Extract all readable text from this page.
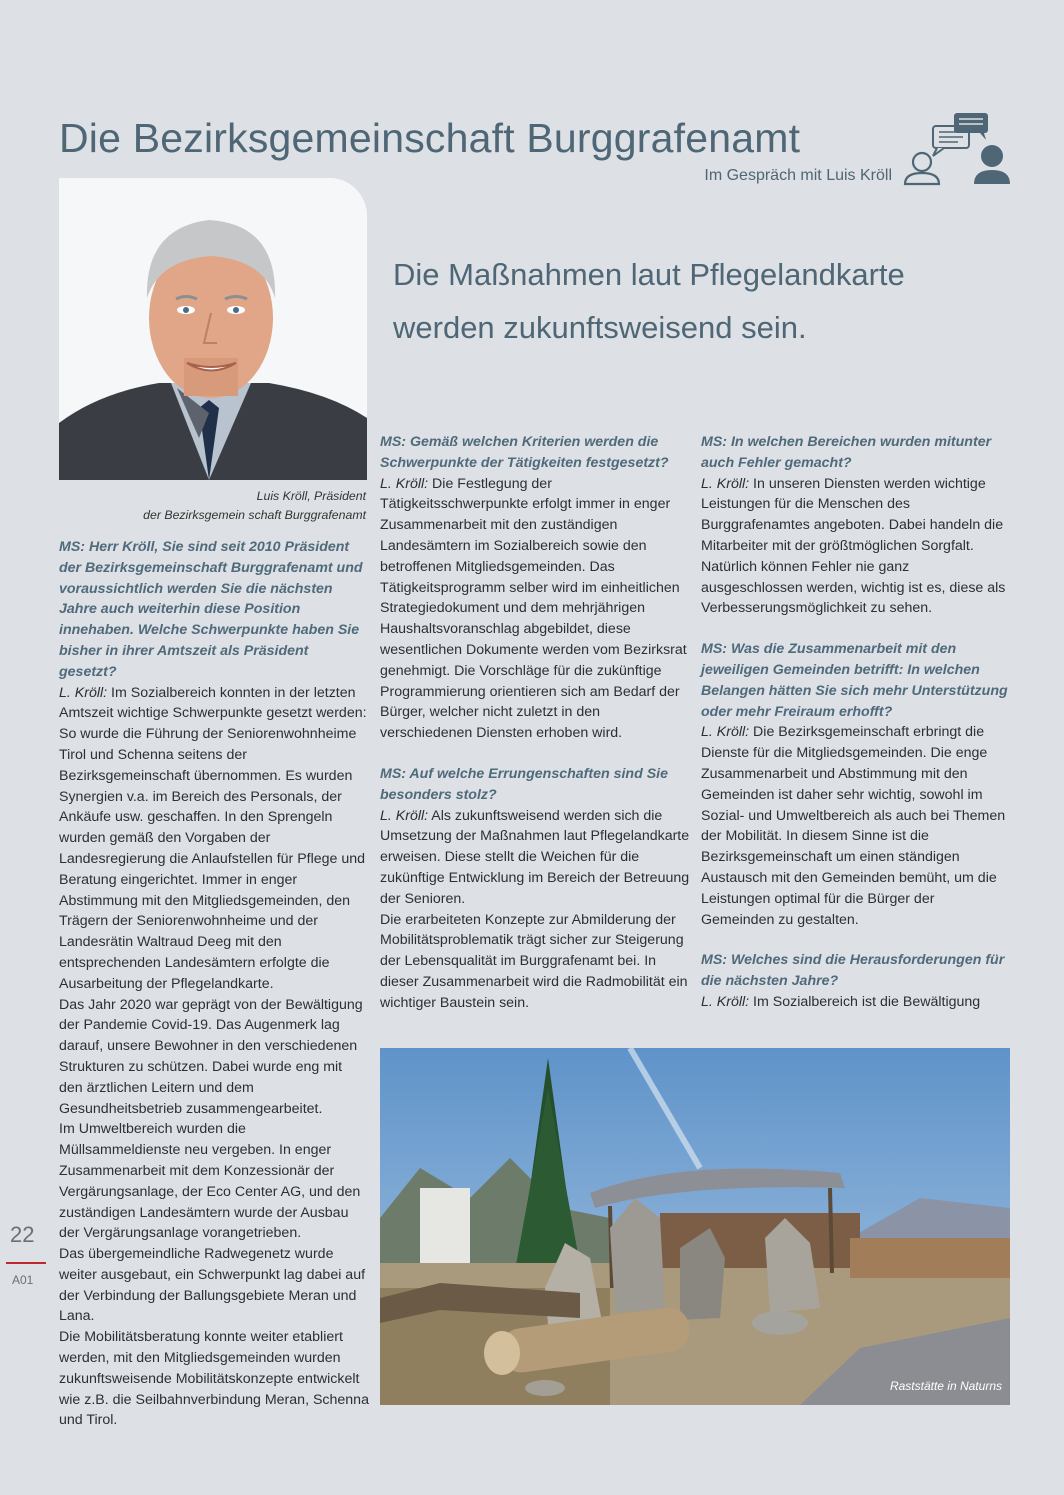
Die Bezirksgemeinschaft Burggrafenamt
Im Gespräch mit Luis Kröll
Luis Kröll, Präsident
der Bezirksgemein schaft Burggrafenamt
Die Maßnahmen laut Pflegelandkarte werden zukunftsweisend sein.

MS: Herr Kröll, Sie sind seit 2010 Präsident der Bezirksgemeinschaft Burggrafenamt und voraussichtlich werden Sie die nächsten Jahre auch weiterhin diese Position innehaben. Welche Schwerpunkte haben Sie bisher in ihrer Amtszeit als Präsident gesetzt?

L. Kröll: Im Sozialbereich konnten in der letzten Amtszeit wichtige Schwerpunkte gesetzt werden: So wurde die Führung der Seniorenwohnheime Tirol und Schenna seitens der Bezirksgemeinschaft übernommen. Es wurden Synergien v.a. im Bereich des Personals, der Ankäufe usw. geschaffen. In den Sprengeln wurden gemäß den Vorgaben der Landesregierung die Anlaufstellen für Pflege und Beratung eingerichtet. Immer in enger Abstimmung mit den Mitgliedsgemeinden, den Trägern der Seniorenwohnheime und der Landesrätin Waltraud Deeg mit den entsprechenden Landesämtern erfolgte die Ausarbeitung der Pflegelandkarte.

Das Jahr 2020 war geprägt von der Bewältigung der Pandemie Covid-19. Das Augenmerk lag darauf, unsere Bewohner in den verschiedenen Strukturen zu schützen. Dabei wurde eng mit den ärztlichen Leitern und dem Gesundheitsbetrieb zusammengearbeitet.

Im Umweltbereich wurden die Müllsammeldienste neu vergeben. In enger Zusammenarbeit mit dem Konzessionär der Vergärungsanlage, der Eco Center AG, und den zuständigen Landesämtern wurde der Ausbau der Vergärungsanlage vorangetrieben.

Das übergemeindliche Radwegenetz wurde weiter ausgebaut, ein Schwerpunkt lag dabei auf der Verbindung der Ballungsgebiete Meran und Lana.

Die Mobilitätsberatung konnte weiter etabliert werden, mit den Mitgliedsgemeinden wurden zukunftsweisende Mobilitätskonzepte entwickelt wie z.B. die Seilbahnverbindung Meran, Schenna und Tirol.

MS: Gemäß welchen Kriterien werden die Schwerpunkte der Tätigkeiten festgesetzt?

L. Kröll: Die Festlegung der Tätigkeitsschwerpunkte erfolgt immer in enger Zusammenarbeit mit den zuständigen Landesämtern im Sozialbereich sowie den betroffenen Mitgliedsgemeinden. Das Tätigkeitsprogramm selber wird im einheitlichen Strategiedokument und dem mehrjährigen Haushaltsvoranschlag abgebildet, diese wesentlichen Dokumente werden vom Bezirksrat genehmigt. Die Vorschläge für die zukünftige Programmierung orientieren sich am Bedarf der Bürger, welcher nicht zuletzt in den verschiedenen Diensten erhoben wird.

MS: Auf welche Errungenschaften sind Sie besonders stolz?

L. Kröll: Als zukunftsweisend werden sich die Umsetzung der Maßnahmen laut Pflegelandkarte erweisen. Diese stellt die Weichen für die zukünftige Entwicklung im Bereich der Betreuung der Senioren.

Die erarbeiteten Konzepte zur Abmilderung der Mobilitätsproblematik trägt sicher zur Steigerung der Lebensqualität im Burggrafenamt bei. In dieser Zusammenarbeit wird die Radmobilität ein wichtiger Baustein sein.

MS: In welchen Bereichen wurden mitunter auch Fehler gemacht?

L. Kröll: In unseren Diensten werden wichtige Leistungen für die Menschen des Burggrafenamtes angeboten. Dabei handeln die Mitarbeiter mit der größtmöglichen Sorgfalt. Natürlich können Fehler nie ganz ausgeschlossen werden, wichtig ist es, diese als Verbesserungsmöglichkeit zu sehen.

MS: Was die Zusammenarbeit mit den jeweiligen Gemeinden betrifft: In welchen Belangen hätten Sie sich mehr Unterstützung oder mehr Freiraum erhofft?

L. Kröll: Die Bezirksgemeinschaft erbringt die Dienste für die Mitgliedsgemeinden. Die enge Zusammenarbeit und Abstimmung mit den Gemeinden ist daher sehr wichtig, sowohl im Sozial- und Umweltbereich als auch bei Themen der Mobilität. In diesem Sinne ist die Bezirksgemeinschaft um einen ständigen Austausch mit den Gemeinden bemüht, um die Leistungen optimal für die Bürger der Gemeinden zu gestalten.

MS: Welches sind die Herausforderungen für die nächsten Jahre?

L. Kröll: Im Sozialbereich ist die Bewältigung

Raststätte in Naturns
22
A01
